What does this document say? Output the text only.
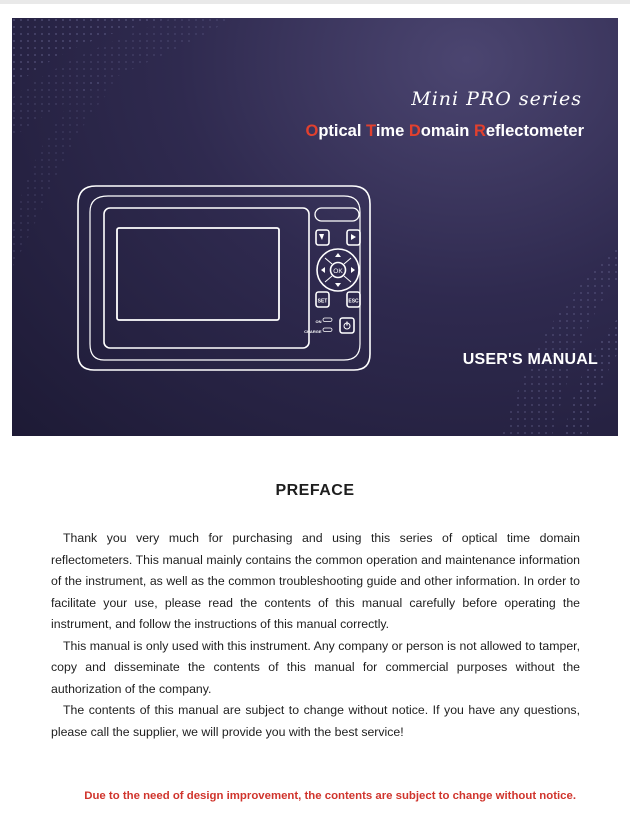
Mini PRO series
Optical Time Domain Reflectometer
OK
SET	ESC
ON
CHARGE
USER'S MANUAL
PREFACE

Thank you very much for purchasing and using this series of optical time domain reflectometers. This manual mainly contains the common operation and maintenance information of the instrument, as well as the common troubleshooting guide and other information. In order to facilitate your use, please read the contents of this manual carefully before operating the instrument, and follow the instructions of this manual correctly.

This manual is only used with this instrument. Any company or person is not allowed to tamper, copy and disseminate the contents of this manual for commercial purposes without the authorization of the company.

The contents of this manual are subject to change without notice. If you have any questions, please call the supplier, we will provide you with the best service!

Due to the need of design improvement, the contents are subject to change without notice.
